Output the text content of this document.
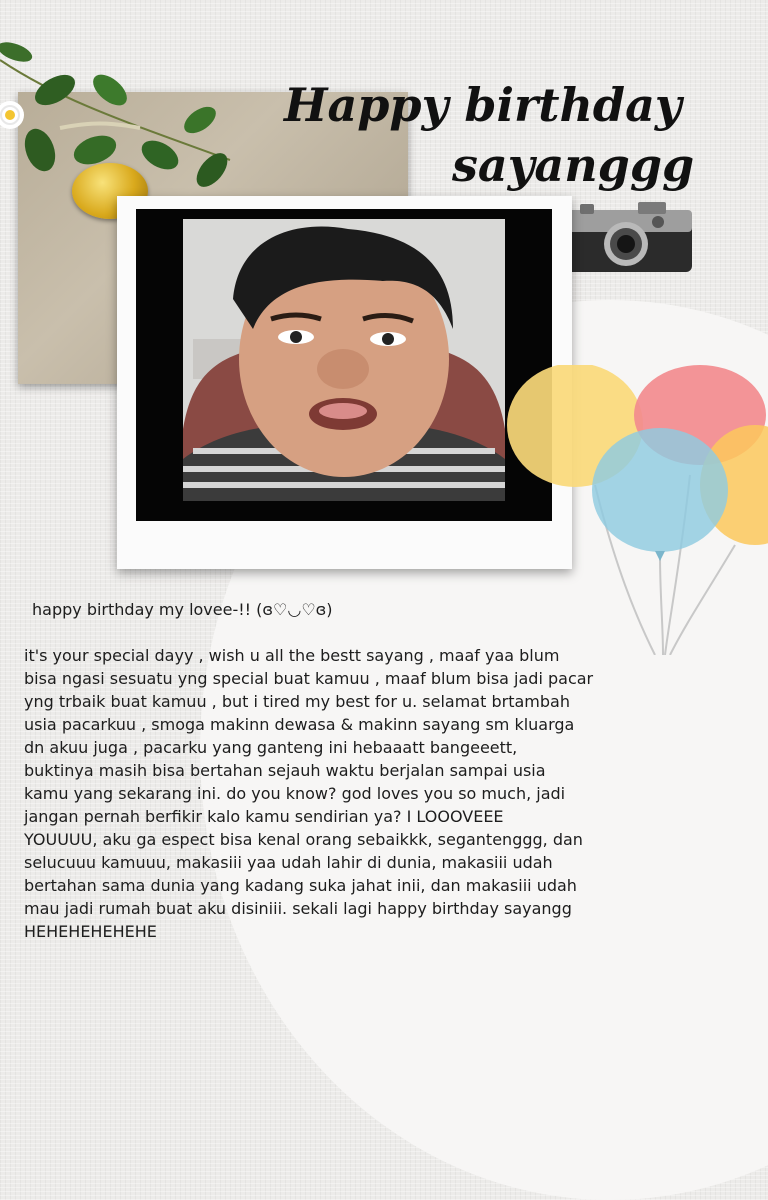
Happy birthday
sayanggg

happy birthday my lovee-!! (ɞ♡◡♡ɞ)
it's your special dayy , wish u all the bestt sayang , maaf yaa blum
bisa ngasi sesuatu yng special buat kamuu , maaf blum bisa jadi pacar
yng trbaik buat kamuu , but i tired my best for u. selamat brtambah
usia pacarkuu , smoga makinn dewasa & makinn sayang sm kluarga
dn akuu juga , pacarku yang ganteng ini hebaaatt bangeeett,
buktinya masih bisa bertahan sejauh waktu berjalan sampai usia
kamu yang sekarang ini. do you know? god loves you so much, jadi
jangan pernah berfikir kalo kamu sendirian ya? I LOOOVEEE
YOUUUU, aku ga espect bisa kenal orang sebaikkk, segantenggg, dan
selucuuu kamuuu, makasiii yaa udah lahir di dunia, makasiii udah
bertahan sama dunia yang kadang suka jahat inii, dan makasiii udah
mau jadi rumah buat aku disiniii. sekali lagi happy birthday sayangg
HEHEHEHEHEHE
